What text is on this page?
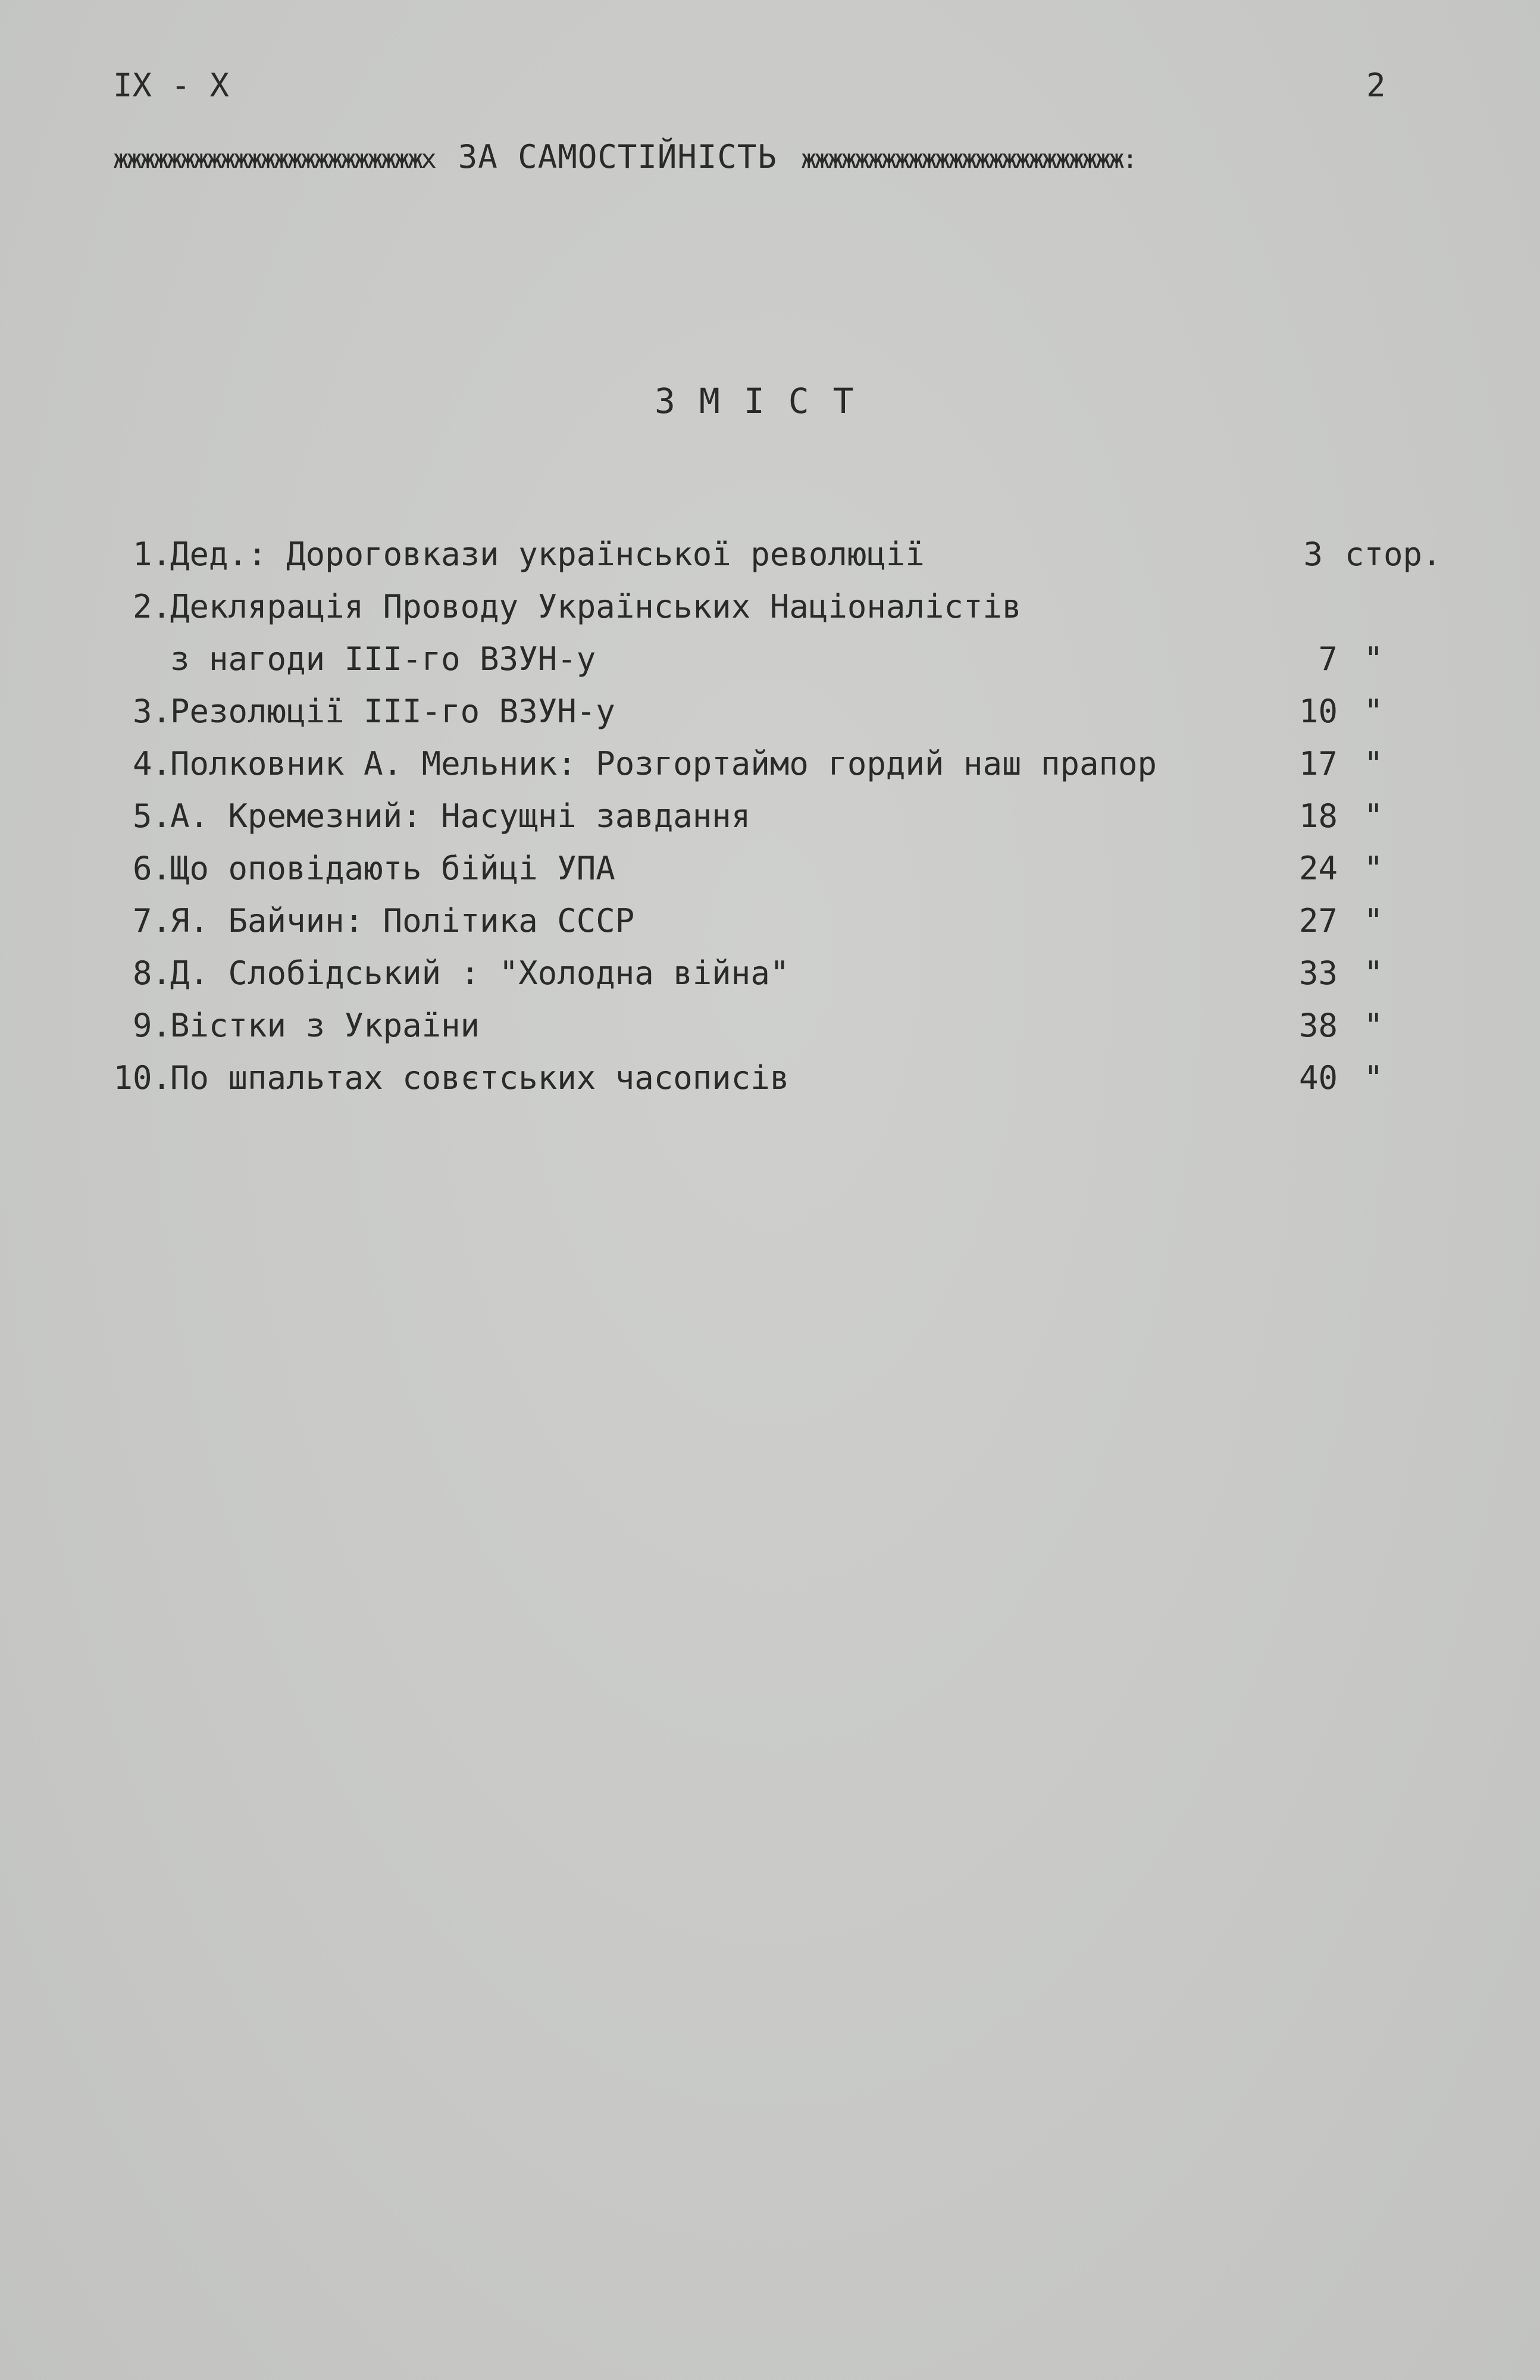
IX - X	2
жжжжжжжжжжжжжжжжжжжжжжжх ЗА САМОСТІЙНІСТЬ жжжжжжжжжжжжжжжжжжжжжжжж:
ЗМІСТ
1.
Дед.: Дороговкази української революції	3 стор.
2.
Деклярація Проводу Українських Націоналістів
з нагоди ІІІ-го ВЗУН-у	7 "
3.
Резолюції ІІІ-го ВЗУН-у	10 "
4.
Полковник А. Мельник: Розгортаймо гордий наш прапор	17 "
5.
А. Кремезний: Насущні завдання	18 "
6.
Що оповідають бійці УПА	24 "
7.
Я. Байчин: Політика СССР	27 "
8.
Д. Слобідський : "Холодна війна"	33 "
9.
Вістки з України	38 "
10.
По шпальтах совєтських часописів	40 "
